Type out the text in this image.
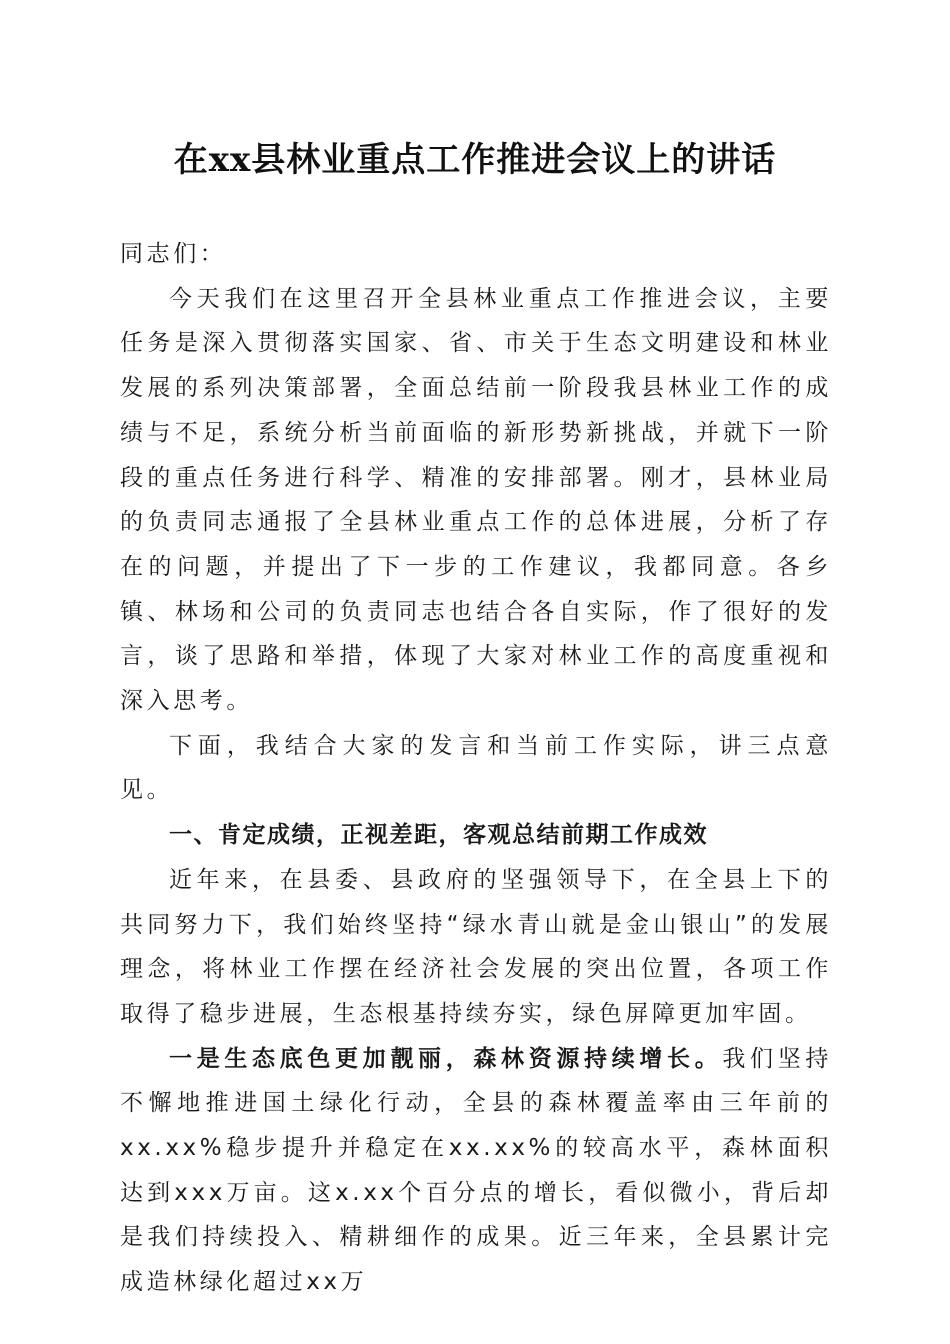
在xx县林业重点工作推进会议上的讲话

同志们：

今天我们在这里召开全县林业重点工作推进会议，主要任务是深入贯彻落实国家、省、市关于生态文明建设和林业发展的系列决策部署，全面总结前一阶段我县林业工作的成绩与不足，系统分析当前面临的新形势新挑战，并就下一阶段的重点任务进行科学、精准的安排部署。刚才，县林业局的负责同志通报了全县林业重点工作的总体进展，分析了存在的问题，并提出了下一步的工作建议，我都同意。各乡镇、林场和公司的负责同志也结合各自实际，作了很好的发言，谈了思路和举措，体现了大家对林业工作的高度重视和深入思考。

下面，我结合大家的发言和当前工作实际，讲三点意见。

一、肯定成绩，正视差距，客观总结前期工作成效

近年来，在县委、县政府的坚强领导下，在全县上下的共同努力下，我们始终坚持“绿水青山就是金山银山”的发展理念，将林业工作摆在经济社会发展的突出位置，各项工作取得了稳步进展，生态根基持续夯实，绿色屏障更加牢固。

一是生态底色更加靓丽，森林资源持续增长。我们坚持不懈地推进国土绿化行动，全县的森林覆盖率由三年前的xx.xx%稳步提升并稳定在xx.xx%的较高水平，森林面积达到xxx万亩。这x.xx个百分点的增长，看似微小，背后却是我们持续投入、精耕细作的成果。近三年来，全县累计完成造林绿化超过xx万
